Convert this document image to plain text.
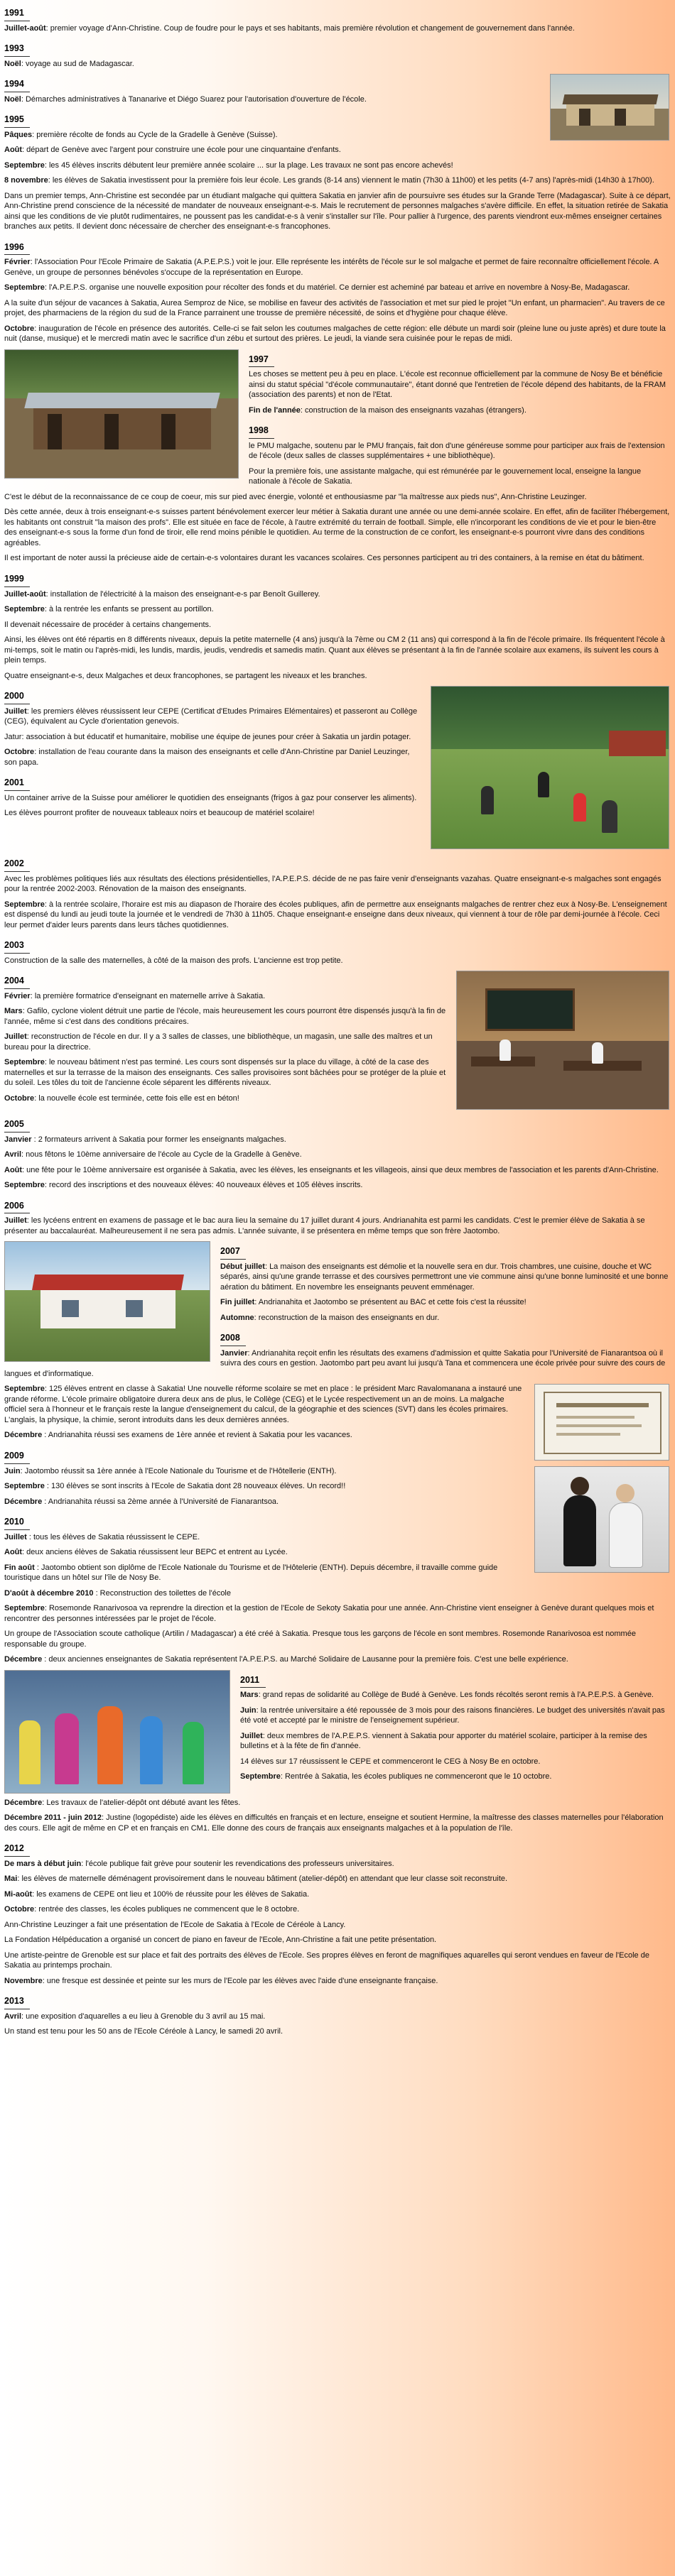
1991

Juillet-août: premier voyage d'Ann-Christine. Coup de foudre pour le pays et ses habitants, mais première révolution et changement de gouvernement dans l'année.

1993

Noël: voyage au sud de Madagascar.

1994

Noël: Démarches administratives à Tananarive et Diégo Suarez pour l'autorisation d'ouverture de l'école.

1995

Pâques: première récolte de fonds au Cycle de la Gradelle à Genève (Suisse).

Août: départ de Genève avec l'argent pour construire une école pour une cinquantaine d'enfants.

Septembre: les 45 élèves inscrits débutent leur première année scolaire ... sur la plage. Les travaux ne sont pas encore achevés!

8 novembre: les élèves de Sakatia investissent pour la première fois leur école. Les grands (8-14 ans) viennent le matin (7h30 à 11h00) et les petits (4-7 ans) l'après-midi (14h30 à 17h00).

Dans un premier temps, Ann-Christine est secondée par un étudiant malgache qui quittera Sakatia en janvier afin de poursuivre ses études sur la Grande Terre (Madagascar). Suite à ce départ, Ann-Christine prend conscience de la nécessité de mandater de nouveaux enseignant-e-s. Mais le recrutement de personnes malgaches s'avère difficile. En effet, la situation retirée de Sakatia ainsi que les conditions de vie plutôt rudimentaires, ne poussent pas les candidat-e-s à venir s'installer sur l'île. Pour pallier à l'urgence, des parents viendront eux-mêmes enseigner certaines branches aux petits. Il devient donc nécessaire de chercher des enseignant-e-s francophones.

1996

Février: l'Association Pour l'Ecole Primaire de Sakatia (A.P.E.P.S.) voit le jour. Elle représente les intérêts de l'école sur le sol malgache et permet de faire reconnaître officiellement l'école. A Genève, un groupe de personnes bénévoles s'occupe de la représentation en Europe.

Septembre: l'A.P.E.P.S. organise une nouvelle exposition pour récolter des fonds et du matériel. Ce dernier est acheminé par bateau et arrive en novembre à Nosy-Be, Madagascar.

A la suite d'un séjour de vacances à Sakatia, Aurea Semproz de Nice, se mobilise en faveur des activités de l'association et met sur pied le projet "Un enfant, un pharmacien". Au travers de ce projet, des pharmaciens de la région du sud de la France parrainent une trousse de première nécessité, de soins et d'hygiène pour chaque élève.

Octobre: inauguration de l'école en présence des autorités. Celle-ci se fait selon les coutumes malgaches de cette région: elle débute un mardi soir (pleine lune ou juste après) et dure toute la nuit (danse, musique) et le mercredi matin avec le sacrifice d'un zébu et surtout des prières. Le jeudi, la viande sera cuisinée pour le repas de midi.

1997

Les choses se mettent peu à peu en place. L'école est reconnue officiellement par la commune de Nosy Be et bénéficie ainsi du statut spécial "d'école communautaire", étant donné que l'entretien de l'école dépend des habitants, de la FRAM (association des parents) et non de l'Etat.

Fin de l'année: construction de la maison des enseignants vazahas (étrangers).

1998

le PMU malgache, soutenu par le PMU français, fait don d'une généreuse somme pour participer aux frais de l'extension de l'école (deux salles de classes supplémentaires + une bibliothèque).

Pour la première fois, une assistante malgache, qui est rémunérée par le gouvernement local, enseigne la langue nationale à l'école de Sakatia.

C'est le début de la reconnaissance de ce coup de coeur, mis sur pied avec énergie, volonté et enthousiasme par "la maîtresse aux pieds nus", Ann-Christine Leuzinger.

Dès cette année, deux à trois enseignant-e-s suisses partent bénévolement exercer leur métier à Sakatia durant une année ou une demi-année scolaire. En effet, afin de faciliter l'hébergement, les habitants ont construit "la maison des profs". Elle est située en face de l'école, à l'autre extrémité du terrain de football. Simple, elle n'incorporant les conditions de vie et pour le bien-être des enseignant-e-s sous la forme d'un fond de tiroir, elle rend moins pénible le quotidien. Au terme de la construction de ce confort, les enseignant-e-s pourront vivre dans des conditions agréables.

Il est important de noter aussi la précieuse aide de certain-e-s volontaires durant les vacances scolaires. Ces personnes participent au tri des containers, à la remise en état du bâtiment.

1999

Juillet-août: installation de l'électricité à la maison des enseignant-e-s par Benoît Guillerey.

Septembre: à la rentrée les enfants se pressent au portillon.

Il devenait nécessaire de procéder à certains changements.

Ainsi, les élèves ont été répartis en 8 différents niveaux, depuis la petite maternelle (4 ans) jusqu'à la 7ème ou CM 2 (11 ans) qui correspond à la fin de l'école primaire. Ils fréquentent l'école à mi-temps, soit le matin ou l'après-midi, les lundis, mardis, jeudis, vendredis et samedis matin. Quant aux élèves se présentant à la fin de l'année scolaire aux examens, ils suivent les cours à plein temps.

Quatre enseignant-e-s, deux Malgaches et deux francophones, se partagent les niveaux et les branches.

2000

Juillet: les premiers élèves réussissent leur CEPE (Certificat d'Etudes Primaires Elémentaires) et passeront au Collège (CEG), équivalent au Cycle d'orientation genevois.

Jatur: association à but éducatif et humanitaire, mobilise une équipe de jeunes pour créer à Sakatia un jardin potager.

Octobre: installation de l'eau courante dans la maison des enseignants et celle d'Ann-Christine par Daniel Leuzinger, son papa.

2001

Un container arrive de la Suisse pour améliorer le quotidien des enseignants (frigos à gaz pour conserver les aliments).

Les élèves pourront profiter de nouveaux tableaux noirs et beaucoup de matériel scolaire!

2002

Avec les problèmes politiques liés aux résultats des élections présidentielles, l'A.P.E.P.S. décide de ne pas faire venir d'enseignants vazahas. Quatre enseignant-e-s malgaches sont engagés pour la rentrée 2002-2003. Rénovation de la maison des enseignants.

Septembre: à la rentrée scolaire, l'horaire est mis au diapason de l'horaire des écoles publiques, afin de permettre aux enseignants malgaches de rentrer chez eux à Nosy-Be. L'enseignement est dispensé du lundi au jeudi toute la journée et le vendredi de 7h30 à 11h05. Chaque enseignant-e enseigne dans deux niveaux, qui viennent à tour de rôle par demi-journée à l'école. Ceci leur permet d'aider leurs parents dans leurs tâches quotidiennes.

2003

Construction de la salle des maternelles, à côté de la maison des profs. L'ancienne est trop petite.

2004

Février: la première formatrice d'enseignant en maternelle arrive à Sakatia.

Mars: Gafilo, cyclone violent détruit une partie de l'école, mais heureusement les cours pourront être dispensés jusqu'à la fin de l'année, même si c'est dans des conditions précaires.

Juillet: reconstruction de l'école en dur. Il y a 3 salles de classes, une bibliothèque, un magasin, une salle des maîtres et un bureau pour la directrice.

Septembre: le nouveau bâtiment n'est pas terminé. Les cours sont dispensés sur la place du village, à côté de la case des maternelles et sur la terrasse de la maison des enseignants. Ces salles provisoires sont bâchées pour se protéger de la pluie et du soleil. Les tôles du toit de l'ancienne école séparent les différents niveaux.

Octobre: la nouvelle école est terminée, cette fois elle est en béton!

2005

Janvier : 2 formateurs arrivent à Sakatia pour former les enseignants malgaches.

Avril: nous fêtons le 10ème anniversaire de l'école au Cycle de la Gradelle à Genève.

Août: une fête pour le 10ème anniversaire est organisée à Sakatia, avec les élèves, les enseignants et les villageois, ainsi que deux membres de l'association et les parents d'Ann-Christine.

Septembre: record des inscriptions et des nouveaux élèves: 40 nouveaux élèves et 105 élèves inscrits.

2006

Juillet: les lycéens entrent en examens de passage et le bac aura lieu la semaine du 17 juillet durant 4 jours. Andrianahita est parmi les candidats. C'est le premier élève de Sakatia à se présenter au baccalauréat. Malheureusement il ne sera pas admis. L'année suivante, il se présentera en même temps que son frère Jaotombo.

2007

Début juillet: La maison des enseignants est démolie et la nouvelle sera en dur. Trois chambres, une cuisine, douche et WC séparés, ainsi qu'une grande terrasse et des coursives permettront une vie commune ainsi qu'une bonne luminosité et une bonne aération du bâtiment. En novembre les enseignants peuvent emménager.

Fin juillet: Andrianahita et Jaotombo se présentent au BAC et cette fois c'est la réussite!

Automne: reconstruction de la maison des enseignants en dur.

2008

Janvier: Andrianahita reçoit enfin les résultats des examens d'admission et quitte Sakatia pour l'Université de Fianarantsoa où il suivra des cours en gestion. Jaotombo part peu avant lui jusqu'à Tana et commencera une école privée pour suivre des cours de langues et d'informatique.

Septembre: 125 élèves entrent en classe à Sakatia! Une nouvelle réforme scolaire se met en place : le président Marc Ravalomanana a instauré une grande réforme. L'école primaire obligatoire durera deux ans de plus, le Collège (CEG) et le Lycée respectivement un an de moins. La malgache officiel sera à l'honneur et le français reste la langue d'enseignement du calcul, de la géographie et des sciences (SVT) dans les écoles primaires. L'anglais, la physique, la chimie, seront introduits dans les deux dernières années.

Décembre : Andrianahita réussi ses examens de 1ère année et revient à Sakatia pour les vacances.

2009

Juin: Jaotombo réussit sa 1ère année à l'Ecole Nationale du Tourisme et de l'Hôtellerie (ENTH).

Septembre : 130 élèves se sont inscrits à l'Ecole de Sakatia dont 28 nouveaux élèves. Un record!!

Décembre : Andrianahita réussi sa 2ème année à l'Université de Fianarantsoa.

2010

Juillet : tous les élèves de Sakatia réussissent le CEPE.

Août: deux anciens élèves de Sakatia réussissent leur BEPC et entrent au Lycée.

Fin août : Jaotombo obtient son diplôme de l'Ecole Nationale du Tourisme et de l'Hôtelerie (ENTH). Depuis décembre, il travaille comme guide touristique dans un hôtel sur l'île de Nosy Be.

D'août à décembre 2010 : Reconstruction des toilettes de l'école

Septembre: Rosemonde Ranarivosoa va reprendre la direction et la gestion de l'Ecole de Sekoty Sakatia pour une année. Ann-Christine vient enseigner à Genève durant quelques mois et rencontrer des personnes intéressées par le projet de l'école.

Un groupe de l'Association scoute catholique (Artilin / Madagascar) a été créé à Sakatia. Presque tous les garçons de l'école en sont membres. Rosemonde Ranarivosoa est nommée responsable du groupe.

Décembre : deux anciennes enseignantes de Sakatia représentent l'A.P.E.P.S. au Marché Solidaire de Lausanne pour la première fois. C'est une belle expérience.

2011

Mars: grand repas de solidarité au Collège de Budé à Genève. Les fonds récoltés seront remis à l'A.P.E.P.S. à Genève.

Juin: la rentrée universitaire a été repoussée de 3 mois pour des raisons financières. Le budget des universités n'avait pas été voté et accepté par le ministre de l'enseignement supérieur.

Juillet: deux membres de l'A.P.E.P.S. viennent à Sakatia pour apporter du matériel scolaire, participer à la remise des bulletins et à la fête de fin d'année.

14 élèves sur 17 réussissent le CEPE et commenceront le CEG à Nosy Be en octobre.

Septembre: Rentrée à Sakatia, les écoles publiques ne commenceront que le 10 octobre.

Décembre: Les travaux de l'atelier-dépôt ont débuté avant les fêtes.

Décembre 2011 - juin 2012: Justine (logopédiste) aide les élèves en difficultés en français et en lecture, enseigne et soutient Hermine, la maîtresse des classes maternelles pour l'élaboration des cours. Elle agit de même en CP et en français en CM1. Elle donne des cours de français aux enseignants malgaches et à la population de l'île.

2012

De mars à début juin: l'école publique fait grève pour soutenir les revendications des professeurs universitaires.

Mai: les élèves de maternelle déménagent provisoirement dans le nouveau bâtiment (atelier-dépôt) en attendant que leur classe soit reconstruite.

Mi-août: les examens de CEPE ont lieu et 100% de réussite pour les élèves de Sakatia.

Octobre: rentrée des classes, les écoles publiques ne commencent que le 8 octobre.

Ann-Christine Leuzinger a fait une présentation de l'Ecole de Sakatia à l'Ecole de Céréole à Lancy.

La Fondation Hélpéducation a organisé un concert de piano en faveur de l'Ecole, Ann-Christine a fait une petite présentation.

Une artiste-peintre de Grenoble est sur place et fait des portraits des élèves de l'Ecole. Ses propres élèves en feront de magnifiques aquarelles qui seront vendues en faveur de l'Ecole de Sakatia au printemps prochain.

Novembre: une fresque est dessinée et peinte sur les murs de l'Ecole par les élèves avec l'aide d'une enseignante française.

2013

Avril: une exposition d'aquarelles a eu lieu à Grenoble du 3 avril au 15 mai.

Un stand est tenu pour les 50 ans de l'Ecole Céréole à Lancy, le samedi 20 avril.
